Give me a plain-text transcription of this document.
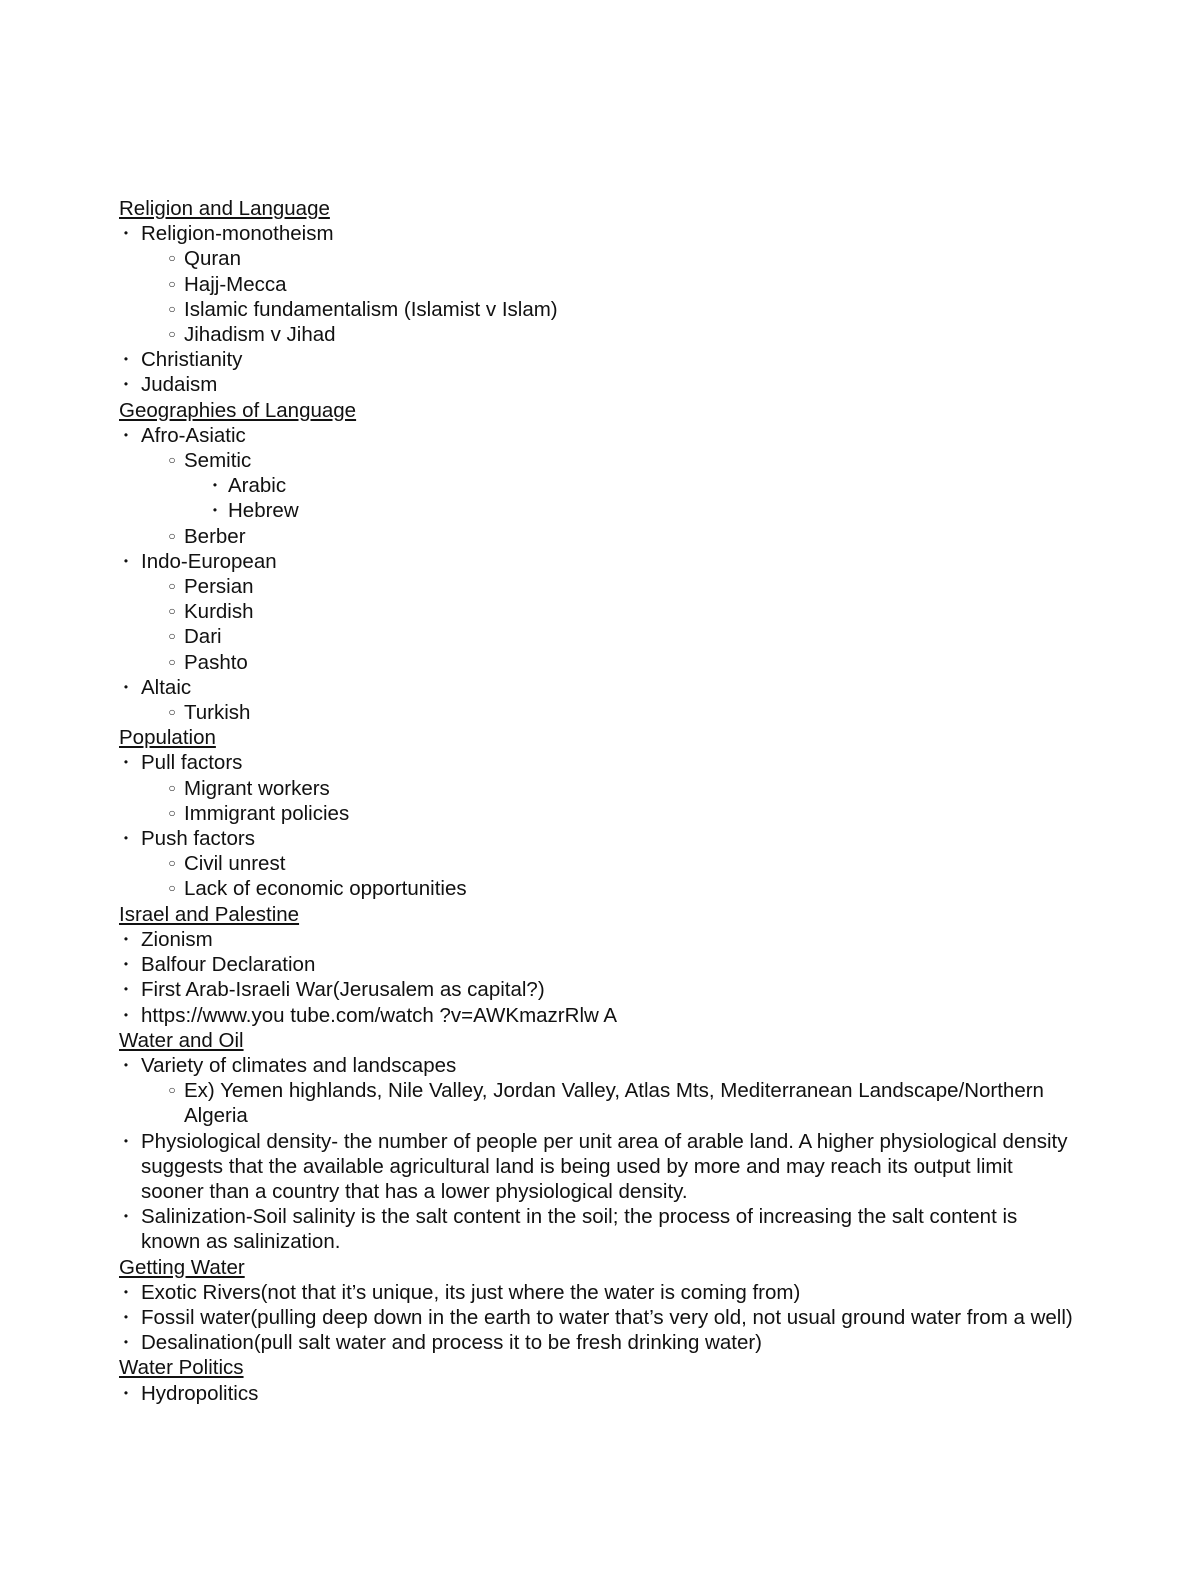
Religion and Language
• Religion-monotheism
○ Quran
○ Hajj-Mecca
○ Islamic fundamentalism (Islamist v Islam)
○ Jihadism v Jihad
• Christianity
• Judaism
Geographies of Language
• Afro-Asiatic
○ Semitic
• Arabic
• Hebrew
○ Berber
• Indo-European
○ Persian
○ Kurdish
○ Dari
○ Pashto
• Altaic
○ Turkish
Population
• Pull factors
○ Migrant workers
○ Immigrant policies
• Push factors
○ Civil unrest
○ Lack of economic opportunities
Israel and Palestine
• Zionism
• Balfour Declaration
• First Arab-Israeli War(Jerusalem as capital?)
• https://www.you tube.com/watch ?v=AWKmazrRlw A
Water and Oil
• Variety of climates and landscapes
○ Ex) Yemen highlands, Nile Valley, Jordan Valley, Atlas Mts, Mediterranean Landscape/Northern Algeria
• Physiological density- the number of people per unit area of arable land. A higher physiological density suggests that the available agricultural land is being used by more and may reach its output limit sooner than a country that has a lower physiological density.
• Salinization-Soil salinity is the salt content in the soil; the process of increasing the salt content is known as salinization.
Getting Water
• Exotic Rivers(not that it’s unique, its just where the water is coming from)
• Fossil water(pulling deep down in the earth to water that’s very old, not usual ground water from a well)
• Desalination(pull salt water and process it to be fresh drinking water)
Water Politics
• Hydropolitics
